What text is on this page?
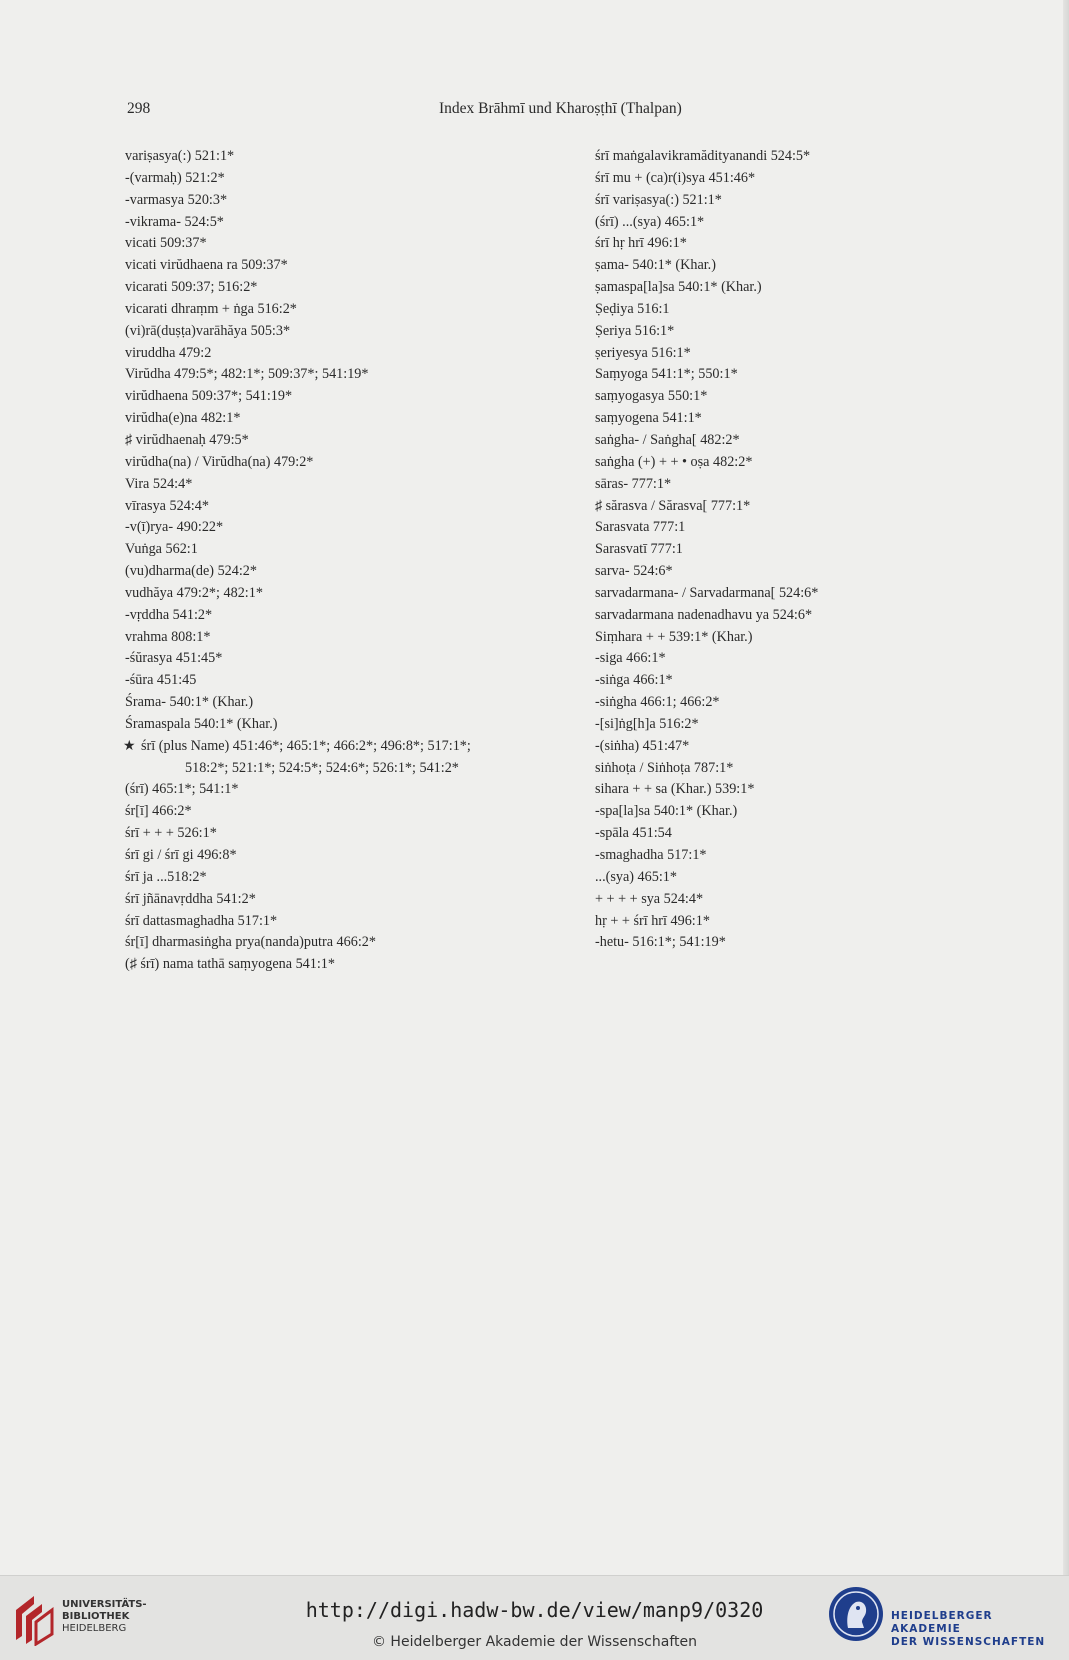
298	Index Brāhmī und Kharoṣṭhī (Thalpan)
variṣasya(:) 521:1*
-(varmaḥ) 521:2*
-varmasya 520:3*
-vikrama- 524:5*
vicati 509:37*
vicati virŭdhaena ra 509:37*
vicarati 509:37; 516:2*
vicarati dhraṃm + ṅga 516:2*
(vi)rā(duṣṭa)varāhăya 505:3*
viruddha 479:2
Virŭdha 479:5*; 482:1*; 509:37*; 541:19*
virŭdhaena 509:37*; 541:19*
virŭdha(e)na 482:1*
♯ virŭdhaenaḥ 479:5*
virŭdha(na) / Virŭdha(na) 479:2*
Vira 524:4*
vīrasya 524:4*
-v(ī)rya- 490:22*
Vuṅga 562:1
(vu)dharma(de) 524:2*
vudhăya 479:2*; 482:1*
-vṛddha 541:2*
vrahma 808:1*
-śŭrasya 451:45*
-śūra 451:45
Śrama- 540:1* (Khar.)
Śramaspala 540:1* (Khar.)
★ śrī (plus Name) 451:46*; 465:1*; 466:2*; 496:8*; 517:1*;
518:2*; 521:1*; 524:5*; 524:6*; 526:1*; 541:2*
(śrī) 465:1*; 541:1*
śr[ī] 466:2*
śrī + + + 526:1*
śrī gi / śrī gi 496:8*
śrī ja ...518:2*
śrī jñānavṛddha 541:2*
śrī dattasmaghadha 517:1*
śr[ī] dharmasiṅgha prya(nanda)putra 466:2*
(♯ śrī) nama tathā saṃyogena 541:1*
śrī maṅgalavikramădityanandi 524:5*
śrī mu + (ca)r(i)sya 451:46*
śrī variṣasya(:) 521:1*
(śrī) ...(sya) 465:1*
śrī hṛ hrī 496:1*
ṣama- 540:1* (Khar.)
ṣamaspa[la]sa 540:1* (Khar.)
Ṣeḍiya 516:1
Ṣeriya 516:1*
ṣeriyesya 516:1*
Saṃyoga 541:1*; 550:1*
saṃyogasya 550:1*
saṃyogena 541:1*
saṅgha- / Saṅgha[ 482:2*
saṅgha (+) + + • oṣa 482:2*
sāras- 777:1*
♯ sărasva / Sărasva[ 777:1*
Sarasvata 777:1
Sarasvatī 777:1
sarva- 524:6*
sarvadarmana- / Sarvadarmana[ 524:6*
sarvadarmana nadenadhavu ya 524:6*
Siṃhara + + 539:1* (Khar.)
-siga 466:1*
-siṅga 466:1*
-siṅgha 466:1; 466:2*
-[si]ṅg[h]a 516:2*
-(siṅha) 451:47*
siṅhoṭa / Siṅhoṭa 787:1*
sihara + + sa (Khar.) 539:1*
-spa[la]sa 540:1* (Khar.)
-spāla 451:54
-smaghadha 517:1*
...(sya) 465:1*
+ + + + sya 524:4*
hṛ + + śrī hrī 496:1*
-hetu- 516:1*; 541:19*
UNIVERSITÄTS-
BIBLIOTHEK
HEIDELBERG
http://digi.hadw-bw.de/view/manp9/0320
© Heidelberger Akademie der Wissenschaften
HEIDELBERGER AKADEMIE
DER WISSENSCHAFTEN
